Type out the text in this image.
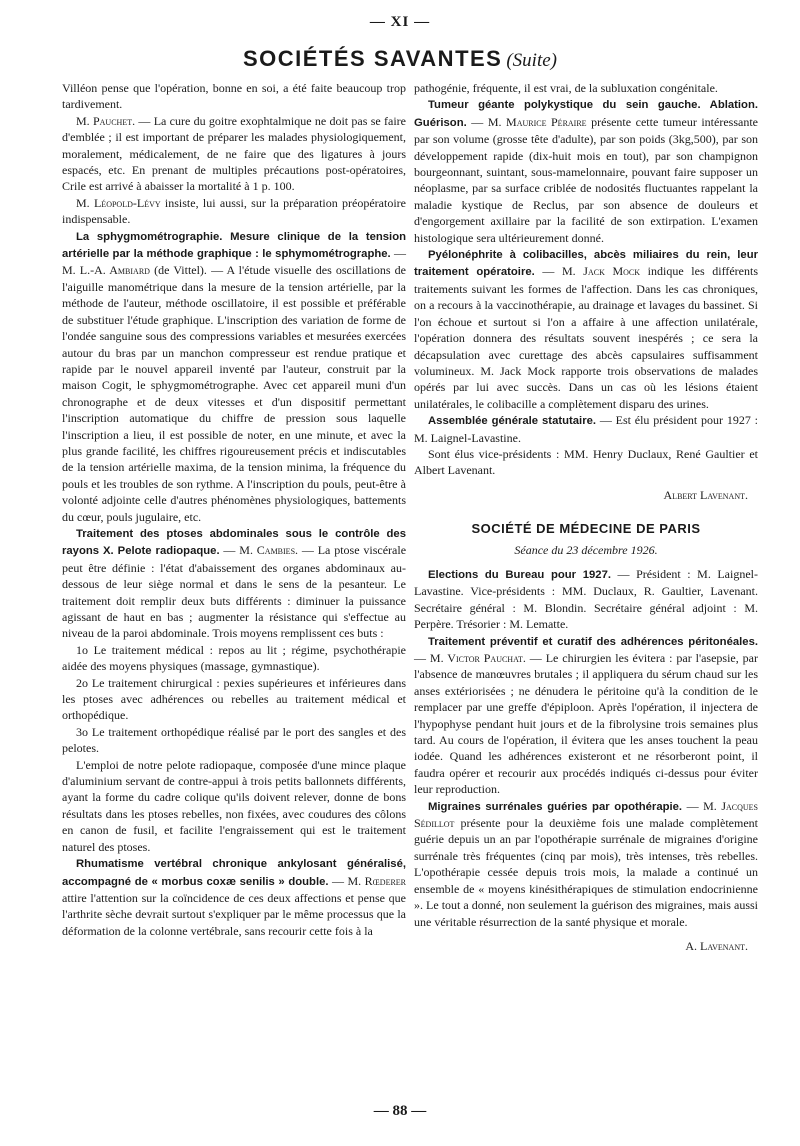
— XI —
SOCIÉTÉS SAVANTES (Suite)

Villéon pense que l'opération, bonne en soi, a été faite beaucoup trop tardivement.

M. Pauchet. — La cure du goitre exophtalmique ne doit pas se faire d'emblée ; il est important de préparer les malades physiologiquement, moralement, médicalement, de ne faire que des ligatures à jours espacés, etc. En prenant de multiples précautions post-opératoires, Crile est arrivé à abaisser la mortalité à 1 p. 100.

M. Léopold-Lévy insiste, lui aussi, sur la préparation préopératoire indispensable.

La sphygmométrographie. Mesure clinique de la tension artérielle par la méthode graphique : le sphymométrographe. — M. L.-A. Ambiard (de Vittel). — A l'étude visuelle des oscillations de l'aiguille manométrique dans la mesure de la tension artérielle, par la méthode de l'auteur, méthode oscillatoire, il est possible et préférable de substituer l'étude graphique. L'inscription des variation de forme de l'ondée sanguine sous des compressions variables et mesurées exercées autour du bras par un manchon compresseur est rendue pratique et rapide par le nouvel appareil inventé par l'auteur, construit par la maison Cogit, le sphygmométrographe. Avec cet appareil muni d'un chronographe et de deux vitesses et d'un dispositif permettant l'inscription automatique du chiffre de pression sous laquelle l'inscription a lieu, il est possible de noter, en une minute, et avec la plus grande facilité, les chiffres rigoureusement précis et indiscutables de la tension artérielle maxima, de la tension minima, la fréquence du pouls et les troubles de son rythme. A l'inscription du pouls, peut-être à volonté adjointe celle d'autres phénomènes physiologiques, battements du cœur, pouls jugulaire, etc.

Traitement des ptoses abdominales sous le contrôle des rayons X. Pelote radiopaque. — M. Cambies. — La ptose viscérale peut être définie : l'état d'abaissement des organes abdominaux au-dessous de leur siège normal et dans le sens de la pesanteur. Le traitement doit remplir deux buts différents : diminuer la puissance agissant de haut en bas ; augmenter la résistance qui s'effectue au niveau de la paroi abdominale. Trois moyens remplissent ces buts :

1o Le traitement médical : repos au lit ; régime, psychothérapie aidée des moyens physiques (massage, gymnastique).

2o Le traitement chirurgical : pexies supérieures et inférieures dans les ptoses avec adhérences ou rebelles au traitement médical et orthopédique.

3o Le traitement orthopédique réalisé par le port des sangles et des pelotes.

L'emploi de notre pelote radiopaque, composée d'une mince plaque d'aluminium servant de contre-appui à trois petits ballonnets différents, ayant la forme du cadre colique qu'ils doivent relever, donne de bons résultats dans les ptoses rebelles, non fixées, avec coudures des côlons en canon de fusil, et facilite l'engraissement qui est le traitement naturel des ptoses.

Rhumatisme vertébral chronique ankylosant généralisé, accompagné de « morbus coxæ senilis » double. — M. Rœderer attire l'attention sur la coïncidence de ces deux affections et pense que l'arthrite sèche devrait surtout s'expliquer par le même processus que la déformation de la colonne vertébrale, sans recourir cette fois à la

pathogénie, fréquente, il est vrai, de la subluxation congénitale.

Tumeur géante polykystique du sein gauche. Ablation. Guérison. — M. Maurice Péraire présente cette tumeur intéressante par son volume (grosse tête d'adulte), par son poids (3kg,500), par son développement rapide (dix-huit mois en tout), par son champignon bourgeonnant, suintant, sous-mamelonnaire, pouvant faire supposer un néoplasme, par sa surface criblée de nodosités fluctuantes rappelant la maladie kystique de Reclus, par son absence de douleurs et d'engorgement axillaire par la facilité de son extirpation. L'examen histologique sera ultérieurement donné.

Pyélonéphrite à colibacilles, abcès miliaires du rein, leur traitement opératoire. — M. Jack Mock indique les différents traitements suivant les formes de l'affection. Dans les cas chroniques, on a recours à la vaccinothérapie, au drainage et lavages du bassinet. Si l'on échoue et surtout si l'on a affaire à une affection unilatérale, l'opération donnera des résultats souvent inespérés ; ce sera la décapsulation avec curettage des abcès capsulaires suffisamment volumineux. M. Jack Mock rapporte trois observations de malades opérés par lui avec succès. Dans un cas où les lésions étaient unilatérales, le colibacille a complètement disparu des urines.

Assemblée générale statutaire. — Est élu président pour 1927 : M. Laignel-Lavastine.

Sont élus vice-présidents : MM. Henry Duclaux, René Gaultier et Albert Lavenant.

Albert Lavenant.

SOCIÉTÉ DE MÉDECINE DE PARIS
Séance du 23 décembre 1926.

Elections du Bureau pour 1927. — Président : M. Laignel-Lavastine. Vice-présidents : MM. Duclaux, R. Gaultier, Lavenant. Secrétaire général : M. Blondin. Secrétaire général adjoint : M. Perpère. Trésorier : M. Lematte.

Traitement préventif et curatif des adhérences péritonéales. — M. Victor Pauchat. — Le chirurgien les évitera : par l'asepsie, par l'absence de manœuvres brutales ; il appliquera du sérum chaud sur les anses extériorisées ; ne dénudera le péritoine qu'à la condition de le remplacer par une greffe d'épiploon. Après l'opération, il injectera de l'hypophyse pendant huit jours et de la fibrolysine trois semaines plus tard. Au cours de l'opération, il évitera que les anses touchent la peau iodée. Quand les adhérences existeront et ne résorberont point, il faudra opérer et recourir aux procédés indiqués ci-dessus pour éviter leur reproduction.

Migraines surrénales guéries par opothérapie. — M. Jacques Sédillot présente pour la deuxième fois une malade complètement guérie depuis un an par l'opothérapie surrénale de migraines d'origine surrénale très fréquentes (cinq par mois), très intenses, très rebelles. L'opothérapie cessée depuis trois mois, la malade a continué un ensemble de « moyens kinésithérapiques de stimulation endocrinienne ». Le tout a donné, non seulement la guérison des migraines, mais aussi une véritable résurrection de la santé physique et morale.

A. Lavenant.

— 88 —
